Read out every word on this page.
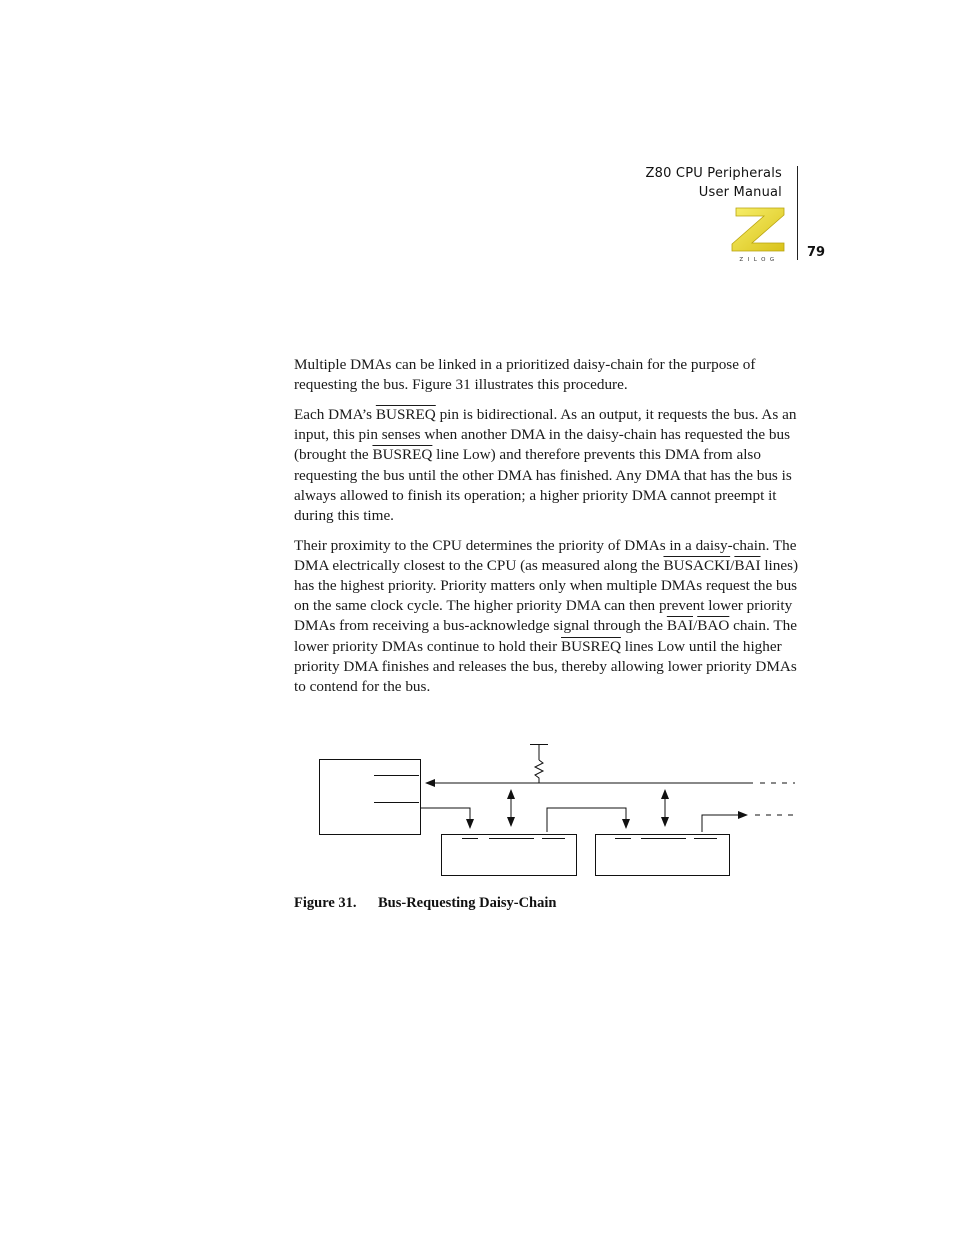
Z80 CPU Peripherals
User Manual
ZILOG 79

Multiple DMAs can be linked in a prioritized daisy-chain for the purpose of requesting the bus. Figure 31 illustrates this procedure.

Each DMA’s BUSREQ pin is bidirectional. As an output, it requests the bus. As an input, this pin senses when another DMA in the daisy-chain has requested the bus (brought the BUSREQ line Low) and therefore prevents this DMA from also requesting the bus until the other DMA has finished. Any DMA that has the bus is always allowed to finish its operation; a higher priority DMA cannot preempt it during this time.

Their proximity to the CPU determines the priority of DMAs in a daisy-chain. The DMA electrically closest to the CPU (as measured along the BUSACKI/$\overline{BAI}$ lines) has the highest priority. Priority matters only when multiple DMAs request the bus on the same clock cycle. The higher priority DMA can then prevent lower priority DMAs from receiving a bus-acknowledge signal through the $\overline{BAI}/\overline{BAO}$ chain. The lower priority DMAs continue to hold their BUSREQ lines Low until the higher priority DMA finishes and releases the bus, thereby allowing lower priority DMAs to contend for the bus.

Figure 31. Bus-Requesting Daisy-Chain
